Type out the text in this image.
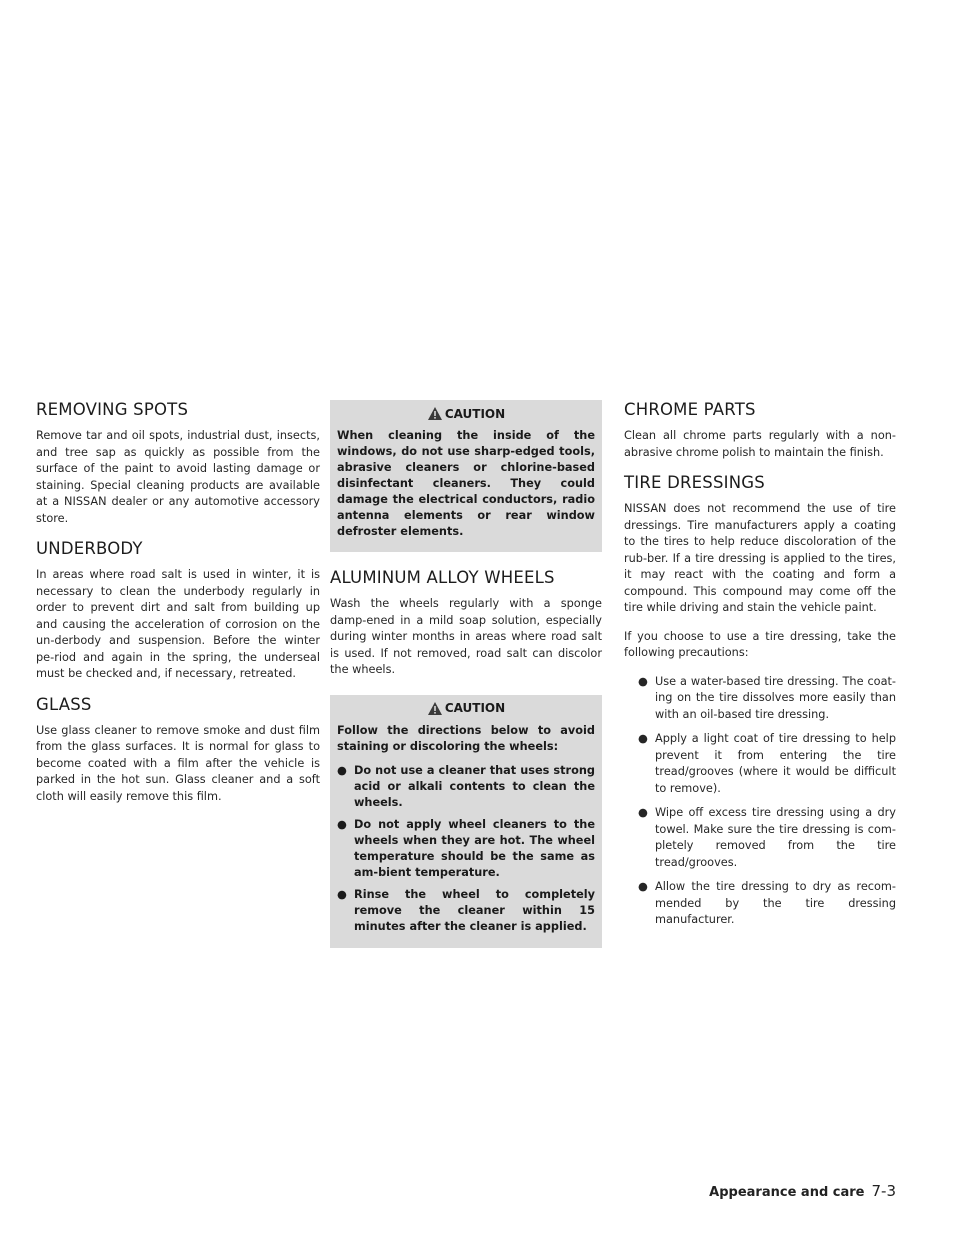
REMOVING SPOTS

Remove tar and oil spots, industrial dust, insects, and tree sap as quickly as possible from the surface of the paint to avoid lasting damage or staining. Special cleaning products are available at a NISSAN dealer or any automotive accessory store.

UNDERBODY

In areas where road salt is used in winter, it is necessary to clean the underbody regularly in order to prevent dirt and salt from building up and causing the acceleration of corrosion on the un-derbody and suspension. Before the winter pe-riod and again in the spring, the underseal must be checked and, if necessary, retreated.

GLASS

Use glass cleaner to remove smoke and dust film from the glass surfaces. It is normal for glass to become coated with a film after the vehicle is parked in the hot sun. Glass cleaner and a soft cloth will easily remove this film.

CAUTION

When cleaning the inside of the windows, do not use sharp-edged tools, abrasive cleaners or chlorine-based disinfectant cleaners. They could damage the electrical conductors, radio antenna elements or rear window defroster elements.

ALUMINUM ALLOY WHEELS

Wash the wheels regularly with a sponge damp-ened in a mild soap solution, especially during winter months in areas where road salt is used. If not removed, road salt can discolor the wheels.

CAUTION

Follow the directions below to avoid staining or discoloring the wheels:

● Do not use a cleaner that uses strong acid or alkali contents to clean the wheels.
● Do not apply wheel cleaners to the wheels when they are hot. The wheel temperature should be the same as am-bient temperature.
● Rinse the wheel to completely remove the cleaner within 15 minutes after the cleaner is applied.
CHROME PARTS

Clean all chrome parts regularly with a non-abrasive chrome polish to maintain the finish.

TIRE DRESSINGS

NISSAN does not recommend the use of tire dressings. Tire manufacturers apply a coating to the tires to help reduce discoloration of the rub-ber. If a tire dressing is applied to the tires, it may react with the coating and form a compound. This compound may come off the tire while driving and stain the vehicle paint.

If you choose to use a tire dressing, take the following precautions:

● Use a water-based tire dressing. The coat-ing on the tire dissolves more easily than with an oil-based tire dressing.
● Apply a light coat of tire dressing to help prevent it from entering the tire tread/grooves (where it would be difficult to remove).
● Wipe off excess tire dressing using a dry towel. Make sure the tire dressing is com-pletely removed from the tire tread/grooves.
● Allow the tire dressing to dry as recom-mended by the tire dressing manufacturer.
Appearance and care 7-3
